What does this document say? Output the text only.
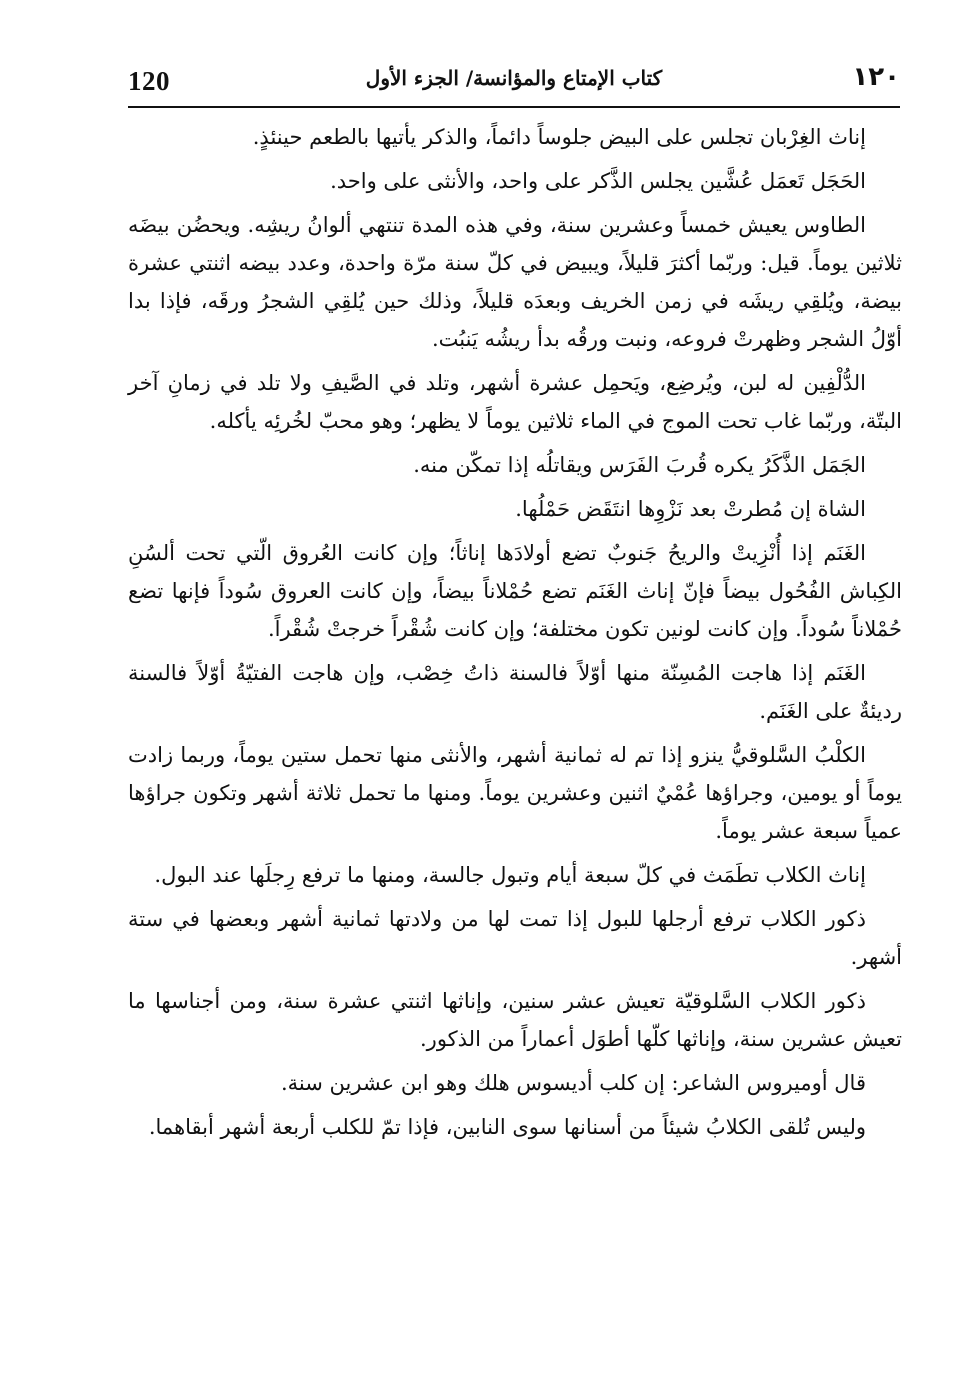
120	كتاب الإمتاع والمؤانسة/ الجزء الأول	١٢٠

إناث الغِرْبان تجلس على البيض جلوساً دائماً، والذكر يأتيها بالطعم حينئذٍ.

الحَجَل تَعمَل عُشَّين يجلس الذَّكر على واحد، والأنثى على واحد.

الطاوس يعيش خمساً وعشرين سنة، وفي هذه المدة تنتهي ألوانُ ريشِه. ويحضُن بيضَه ثلاثين يوماً. قيل: وربّما أكثرَ قليلاً، ويبيض في كلّ سنة مرّة واحدة، وعدد بيضه اثنتي عشرة بيضة، ويُلقِي ريشَه في زمن الخريف وبعدَه قليلاً، وذلك حين يُلقِي الشجرُ ورقَه، فإذا بدا أوّلُ الشجر وظهرتْ فروعه، ونبت ورقُه بدأ ريشُه يَنبُت.

الدُّلْفِين له لبن، ويُرضِع، ويَحمِل عشرة أشهر، وتلد في الصَّيفِ ولا تلد في زمانِ آخر البتّة، وربّما غاب تحت الموج في الماء ثلاثين يوماً لا يظهر؛ وهو محبّ لخُرئِه يأكله.

الجَمَل الذَّكَرُ يكره قُربَ الفَرَس ويقاتلُه إذا تمكّن منه.

الشاة إن مُطرتْ بعد نَزْوِها انتَقَض حَمْلُها.

الغَنَم إذا أُنْزِيتْ والريحُ جَنوبٌ تضع أولادَها إناثاً؛ وإن كانت العُروق الّتي تحت ألسُنِ الكِباش الفُحُول بيضاً فإنّ إناث الغَنَم تضع حُمْلاناً بيضاً، وإن كانت العروق سُوداً فإنها تضع حُمْلاناً سُوداً. وإن كانت لونين تكون مختلفة؛ وإن كانت شُقْراً خرجتْ شُقْراً.

الغَنَم إذا هاجت المُسِنّة منها أوّلاً فالسنة ذاتُ خِصْب، وإن هاجت الفتيّةُ أوّلاً فالسنة رديئةٌ على الغَنَم.

الكلْبُ السَّلوقيُّ ينزو إذا تم له ثمانية أشهر، والأنثى منها تحمل ستين يوماً، وربما زادت يوماً أو يومين، وجراؤها عُمْيٌ اثنين وعشرين يوماً. ومنها ما تحمل ثلاثة أشهر وتكون جراؤها عمياً سبعة عشر يوماً.

إناث الكلاب تطَمَث في كلّ سبعة أيام وتبول جالسة، ومنها ما ترفع رِجلَها عند البول.

ذكور الكلاب ترفع أرجلها للبول إذا تمت لها من ولادتها ثمانية أشهر وبعضها في ستة أشهر.

ذكور الكلاب السَّلوقيّة تعيش عشر سنين، وإناثها اثنتي عشرة سنة، ومن أجناسها ما تعيش عشرين سنة، وإناثها كلّها أطوَل أعماراً من الذكور.

قال أوميروس الشاعر: إن كلب أديسوس هلك وهو ابن عشرين سنة.

وليس تُلقى الكلابُ شيئاً من أسنانها سوى النابين، فإذا تمّ للكلب أربعة أشهر أبقاهما.
